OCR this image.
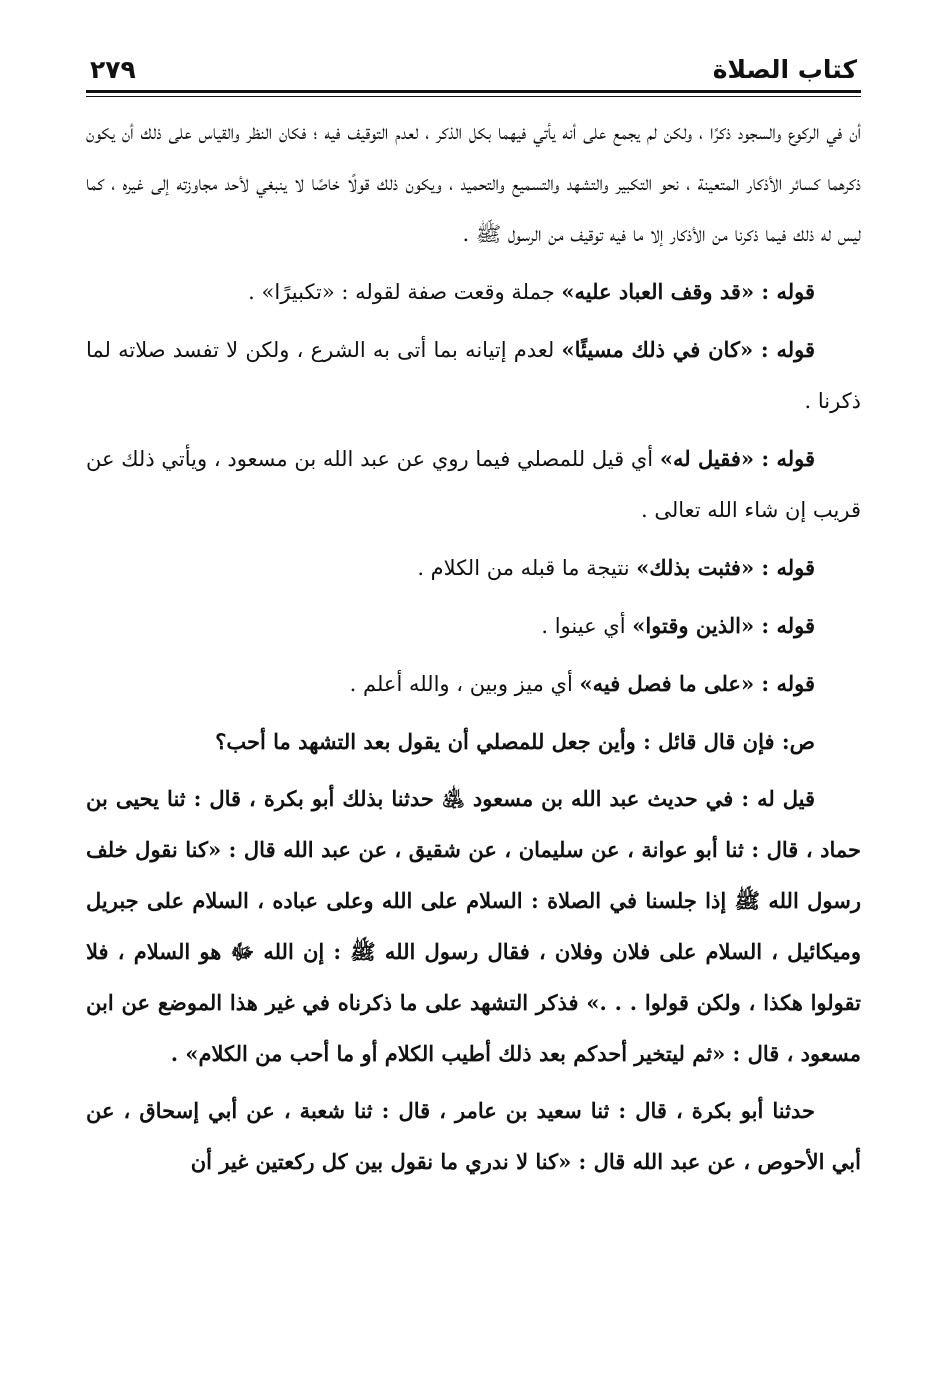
كتاب الصلاة
٢٧٩

أن في الركوع والسجود ذكرًا ، ولكن لم يجمع على أنه يأتي فيهما بكل الذكر ، لعدم التوقيف فيه ؛ فكان النظر والقياس على ذلك أن يكون ذكرهما كسائر الأذكار المتعينة ، نحو التكبير والتشهد والتسميع والتحميد ، ويكون ذلك قولًا خاصًا لا ينبغي لأحد مجاوزته إلى غيره ، كما ليس له ذلك فيما ذكرنا من الأذكار إلا ما فيه توقيف من الرسول ﷺ .

قوله : «قد وقف العباد عليه» جملة وقعت صفة لقوله : «تكبيرًا» .

قوله : «كان في ذلك مسيئًا» لعدم إتيانه بما أتى به الشرع ، ولكن لا تفسد صلاته لما ذكرنا .

قوله : «فقيل له» أي قيل للمصلي فيما روي عن عبد الله بن مسعود ، ويأتي ذلك عن قريب إن شاء الله تعالى .

قوله : «فثبت بذلك» نتيجة ما قبله من الكلام .

قوله : «الذين وقتوا» أي عينوا .

قوله : «على ما فصل فيه» أي ميز وبين ، والله أعلم .

ص: فإن قال قائل : وأين جعل للمصلي أن يقول بعد التشهد ما أحب؟

قيل له : في حديث عبد الله بن مسعود ﵁ حدثنا بذلك أبو بكرة ، قال : ثنا يحيى بن حماد ، قال : ثنا أبو عوانة ، عن سليمان ، عن شقيق ، عن عبد الله قال : «كنا نقول خلف رسول الله ﷺ إذا جلسنا في الصلاة : السلام على الله وعلى عباده ، السلام على جبريل وميكائيل ، السلام على فلان وفلان ، فقال رسول الله ﷺ : إن الله ﷻ هو السلام ، فلا تقولوا هكذا ، ولكن قولوا . . .» فذكر التشهد على ما ذكرناه في غير هذا الموضع عن ابن مسعود ، قال : «ثم ليتخير أحدكم بعد ذلك أطيب الكلام أو ما أحب من الكلام» .

حدثنا أبو بكرة ، قال : ثنا سعيد بن عامر ، قال : ثنا شعبة ، عن أبي إسحاق ، عن أبي الأحوص ، عن عبد الله قال : «كنا لا ندري ما نقول بين كل ركعتين غير أن
